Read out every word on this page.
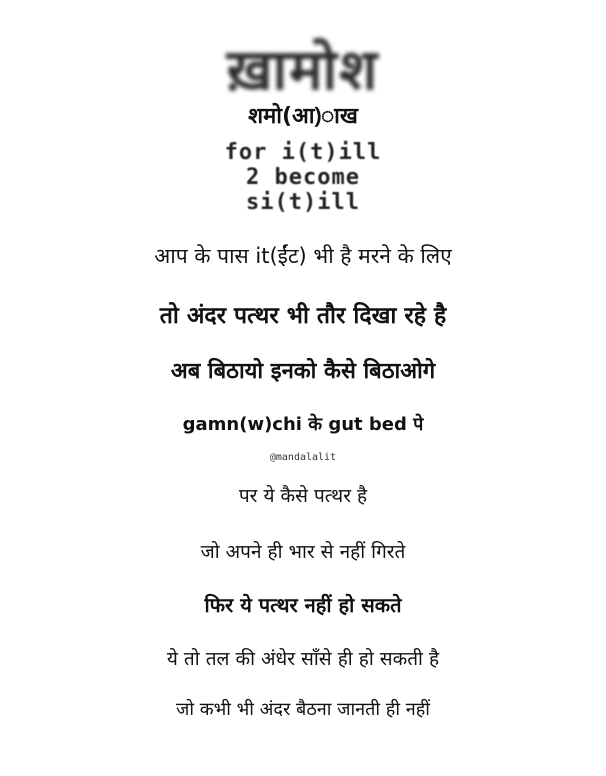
ख़ामोश
शमो(आ)ाख
for i(t)ill
2 become
si(t)ill
आप के पास it(ईंट) भी है मरने के लिए
तो अंदर पत्थर भी तौर दिखा रहे है
अब बिठायो इनको कैसे बिठाओगे
gamn(w)chi के gut bed पे
@mandalalit
पर ये कैसे पत्थर है
जो अपने ही भार से नहीं गिरते
फिर ये पत्थर नहीं हो सकते
ये तो तल की अंधेर साँसे ही हो सकती है
जो कभी भी अंदर बैठना जानती ही नहीं
